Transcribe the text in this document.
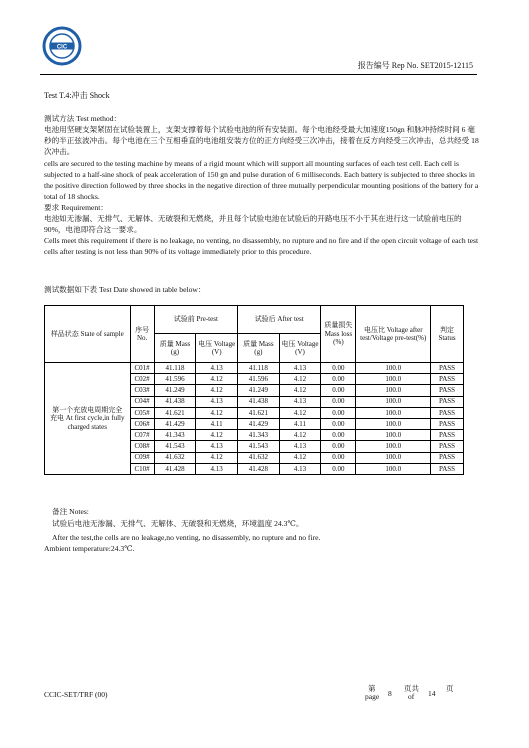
CIC
报告编号 Rep No. SET2015-12115
Test T.4:冲击 Shock
测试方法 Test method：
电池用坚硬支架紧固在试验装置上，支架支撑着每个试验电池的所有安装面。每个电池经受最大加速度150gn 和脉冲持续时间 6 毫秒的半正弦波冲击。每个电池在三个互相垂直的电池组安装方位的正方向经受三次冲击，接着在反方向经受三次冲击，总共经受 18 次冲击。
cells are secured to the testing machine by means of a rigid mount which will support all mounting surfaces of each test cell. Each cell is subjected to a half-sine shock of peak acceleration of 150 gn and pulse duration of 6 milliseconds. Each battery is subjected to three shocks in the positive direction followed by three shocks in the negative direction of three mutually perpendicular mounting positions of the battery for a total of 18 shocks.
要求 Requirement：
电池如无渗漏、无排气、无解体、无破裂和无燃烧，并且每个试验电池在试验后的开路电压不小于其在进行这一试验前电压的 90%，电池即符合这一要求。
Cells meet this requirement if there is no leakage, no venting, no disassembly, no rupture and no fire and if the open circuit voltage of each test cells after testing is not less than 90% of its voltage immediately prior to this procedure.
测试数据如下表 Test Date showed in table below：
样品状态 State of sample	序号 No.	试验前 Pre-test		试验后 After test		质量损失 Mass loss (%)	电压比 Voltage after test/Voltage pre-test(%)	判定 Status
		质量 Mass (g)	电压 Voltage (V)	质量 Mass (g)	电压 Voltage (V)			
第一个充放电周期完全充电 At first cycle,in fully charged states	C01#	41.118	4.13	41.118	4.13	0.00	100.0	PASS
	C02#	41.596	4.12	41.596	4.12	0.00	100.0	PASS
	C03#	41.249	4.12	41.249	4.12	0.00	100.0	PASS
	C04#	41.438	4.13	41.438	4.13	0.00	100.0	PASS
	C05#	41.621	4.12	41.621	4.12	0.00	100.0	PASS
	C06#	41.429	4.11	41.429	4.11	0.00	100.0	PASS
	C07#	41.343	4.12	41.343	4.12	0.00	100.0	PASS
	C08#	41.543	4.13	41.543	4.13	0.00	100.0	PASS
	C09#	41.632	4.12	41.632	4.12	0.00	100.0	PASS
	C10#	41.428	4.13	41.428	4.13	0.00	100.0	PASS
备注 Notes:
试验后电池无渗漏、无排气、无解体、无破裂和无燃烧，环境温度 24.3℃。
After the test,the cells are no leakage,no venting, no disassembly, no rupture and no fire.
Ambient temperature:24.3℃.
CCIC-SET/TRF (00)
第
page 8
页共
of 14
页
